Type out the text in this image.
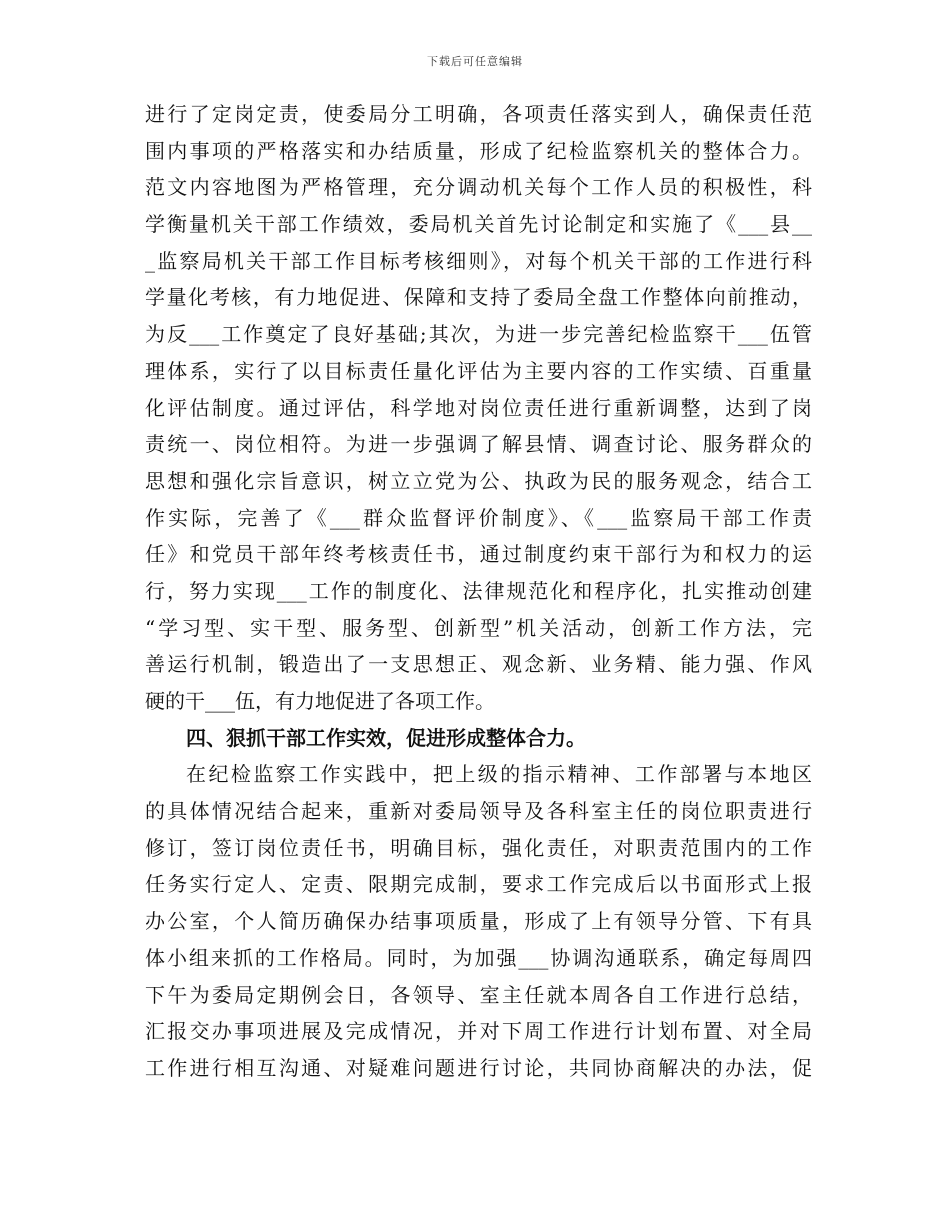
下载后可任意编辑
进行了定岗定责，使委局分工明确，各项责任落实到人，确保责任范
围内事项的严格落实和办结质量，形成了纪检监察机关的整体合力。
范文内容地图为严格管理，充分调动机关每个工作人员的积极性，科
学衡量机关干部工作绩效，委局机关首先讨论制定和实施了《___县__
_监察局机关干部工作目标考核细则》，对每个机关干部的工作进行科
学量化考核，有力地促进、保障和支持了委局全盘工作整体向前推动，
为反___工作奠定了良好基础;其次，为进一步完善纪检监察干___伍管
理体系，实行了以目标责任量化评估为主要内容的工作实绩、百重量
化评估制度。通过评估，科学地对岗位责任进行重新调整，达到了岗
责统一、岗位相符。为进一步强调了解县情、调查讨论、服务群众的
思想和强化宗旨意识，树立立党为公、执政为民的服务观念，结合工
作实际，完善了《___群众监督评价制度》、《___监察局干部工作责
任》和党员干部年终考核责任书，通过制度约束干部行为和权力的运
行，努力实现___工作的制度化、法律规范化和程序化，扎实推动创建
“学习型、实干型、服务型、创新型”机关活动，创新工作方法，完
善运行机制，锻造出了一支思想正、观念新、业务精、能力强、作风
硬的干___伍，有力地促进了各项工作。
四、狠抓干部工作实效，促进形成整体合力。
在纪检监察工作实践中，把上级的指示精神、工作部署与本地区
的具体情况结合起来，重新对委局领导及各科室主任的岗位职责进行
修订，签订岗位责任书，明确目标，强化责任，对职责范围内的工作
任务实行定人、定责、限期完成制，要求工作完成后以书面形式上报
办公室，个人简历确保办结事项质量，形成了上有领导分管、下有具
体小组来抓的工作格局。同时，为加强___协调沟通联系，确定每周四
下午为委局定期例会日，各领导、室主任就本周各自工作进行总结，
汇报交办事项进展及完成情况，并对下周工作进行计划布置、对全局
工作进行相互沟通、对疑难问题进行讨论，共同协商解决的办法，促
